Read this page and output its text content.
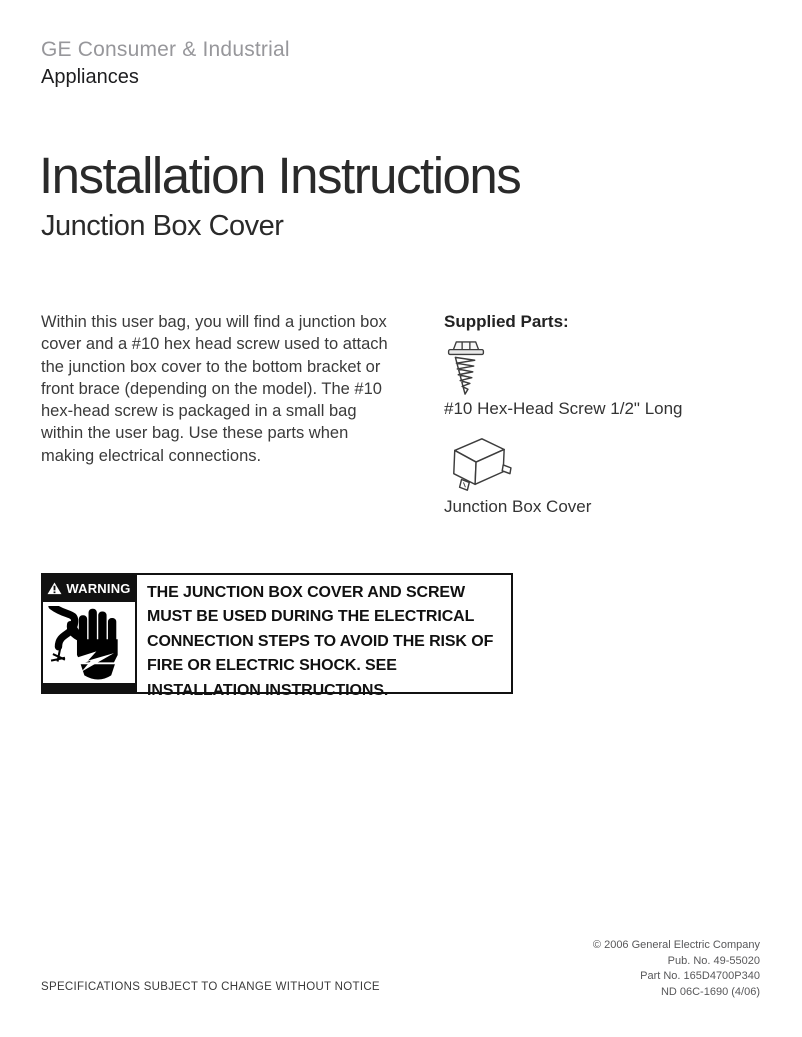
GE Consumer & Industrial
Appliances
Installation Instructions
Junction Box Cover
Within this user bag, you will find a junction box cover and a #10 hex head screw used to attach the junction box cover to the bottom bracket or front brace (depending on the model). The #10 hex-head screw is packaged in a small bag within the user bag. Use these parts when making electrical connections.
Supplied Parts:
#10 Hex-Head Screw 1/2" Long
Junction Box Cover
WARNING	THE JUNCTION BOX COVER AND SCREW MUST BE USED DURING THE ELECTRICAL CONNECTION STEPS TO AVOID THE RISK OF FIRE OR ELECTRIC SHOCK. SEE INSTALLATION INSTRUCTIONS.
SPECIFICATIONS SUBJECT TO CHANGE WITHOUT NOTICE
© 2006 General Electric Company
Pub. No. 49-55020
Part No. 165D4700P340
ND 06C-1690 (4/06)
